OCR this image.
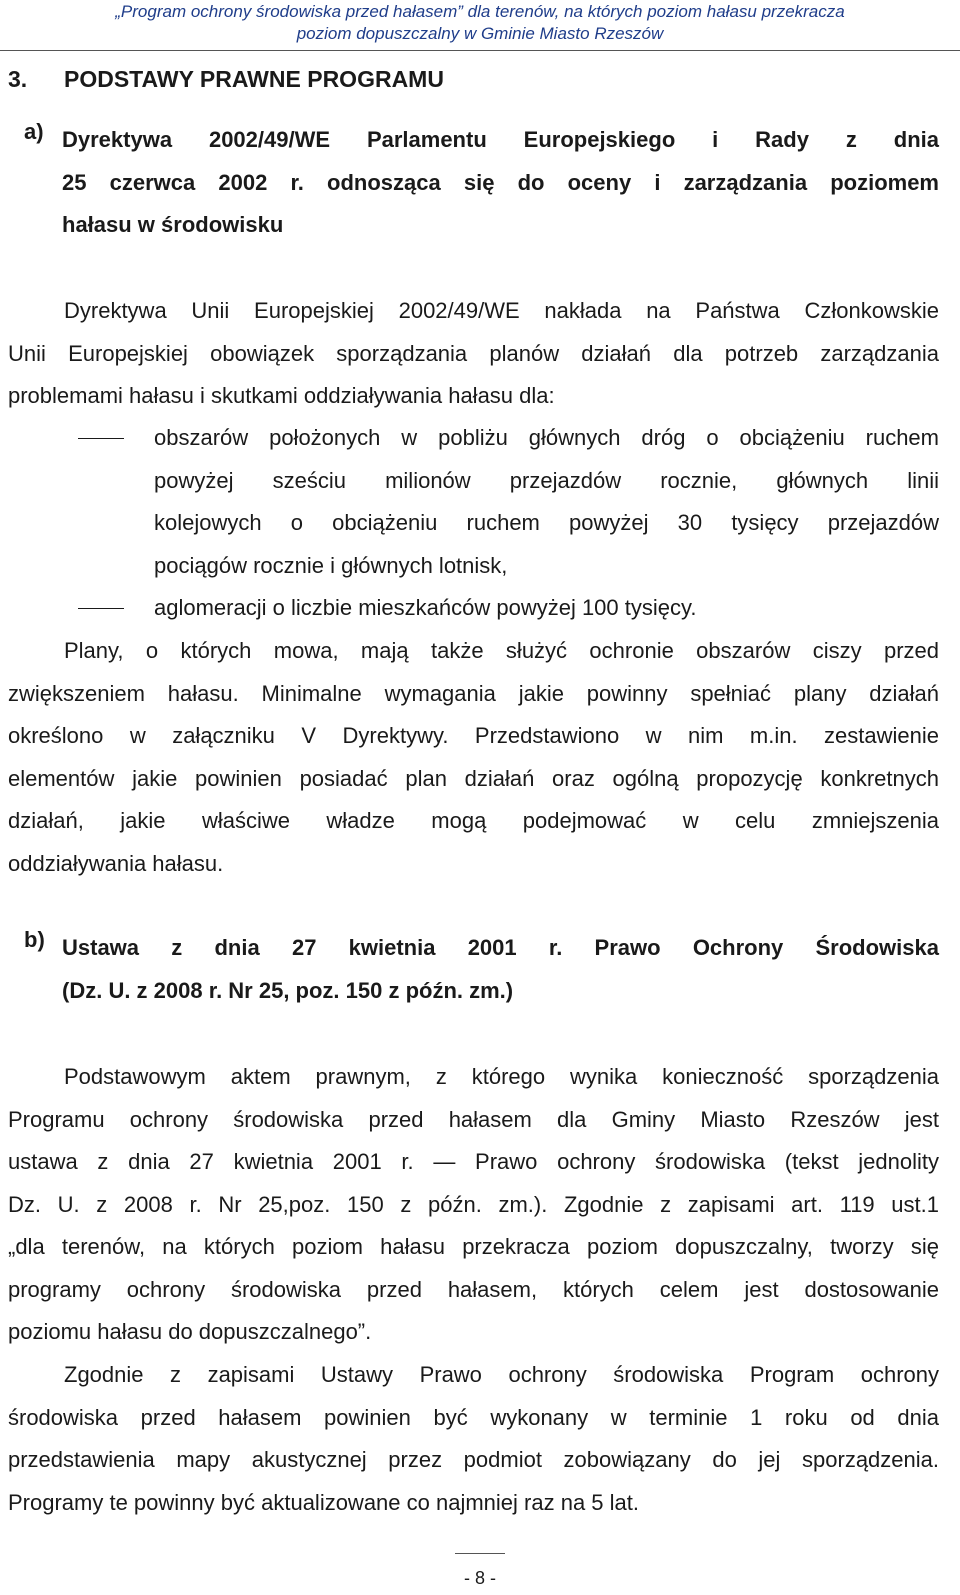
„Program ochrony środowiska przed hałasem” dla terenów, na których poziom hałasu przekracza
poziom dopuszczalny w Gminie Miasto Rzeszów
3. PODSTAWY PRAWNE PROGRAMU
a) Dyrektywa 2002/49/WE Parlamentu Europejskiego i Rady z dnia
25 czerwca 2002 r. odnosząca się do oceny i zarządzania poziomem
hałasu w środowisku
Dyrektywa Unii Europejskiej 2002/49/WE nakłada na Państwa Członkowskie
Unii Europejskiej obowiązek sporządzania planów działań dla potrzeb zarządzania
problemami hałasu i skutkami oddziaływania hałasu dla:
obszarów położonych w pobliżu głównych dróg o obciążeniu ruchem
powyżej sześciu milionów przejazdów rocznie, głównych linii
kolejowych o obciążeniu ruchem powyżej 30 tysięcy przejazdów
pociągów rocznie i głównych lotnisk,
aglomeracji o liczbie mieszkańców powyżej 100 tysięcy.
Plany, o których mowa, mają także służyć ochronie obszarów ciszy przed
zwiększeniem hałasu. Minimalne wymagania jakie powinny spełniać plany działań
określono w załączniku V Dyrektywy. Przedstawiono w nim m.in. zestawienie
elementów jakie powinien posiadać plan działań oraz ogólną propozycję konkretnych
działań, jakie właściwe władze mogą podejmować w celu zmniejszenia
oddziaływania hałasu.
b) Ustawa z dnia 27 kwietnia 2001 r. Prawo Ochrony Środowiska
(Dz. U. z 2008 r. Nr 25, poz. 150 z późn. zm.)
Podstawowym aktem prawnym, z którego wynika konieczność sporządzenia
Programu ochrony środowiska przed hałasem dla Gminy Miasto Rzeszów jest
ustawa z dnia 27 kwietnia 2001 r. — Prawo ochrony środowiska (tekst jednolity
Dz. U. z 2008 r. Nr 25,poz. 150 z późn. zm.). Zgodnie z zapisami art. 119 ust.1
„dla terenów, na których poziom hałasu przekracza poziom dopuszczalny, tworzy się
programy ochrony środowiska przed hałasem, których celem jest dostosowanie
poziomu hałasu do dopuszczalnego”.
Zgodnie z zapisami Ustawy Prawo ochrony środowiska Program ochrony
środowiska przed hałasem powinien być wykonany w terminie 1 roku od dnia
przedstawienia mapy akustycznej przez podmiot zobowiązany do jej sporządzenia.
Programy te powinny być aktualizowane co najmniej raz na 5 lat.
- 8 -
